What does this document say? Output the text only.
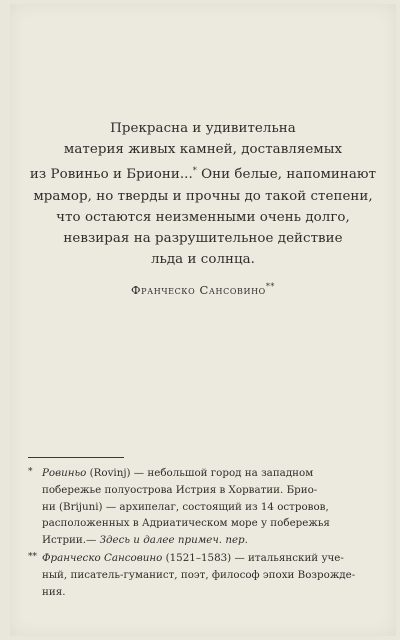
Прекрасна и удивительна
материя живых камней, доставляемых
из Ровиньо и Бриони...* Они белые, напоминают
мрамор, но тверды и прочны до такой степени,
что остаются неизменными очень долго,
невзирая на разрушительное действие
льда и солнца.
Франческо Сансовино**
* Ровиньо (Rovinj) — небольшой город на западном
побережье полуострова Истрия в Хорватии. Брио-
ни (Brijuni) — архипелаг, состоящий из 14 островов,
расположенных в Адриатическом море у побережья
Истрии.— Здесь и далее примеч. пер.
** Франческо Сансовино (1521–1583) — итальянский уче-
ный, писатель-гуманист, поэт, философ эпохи Возрожде-
ния.
